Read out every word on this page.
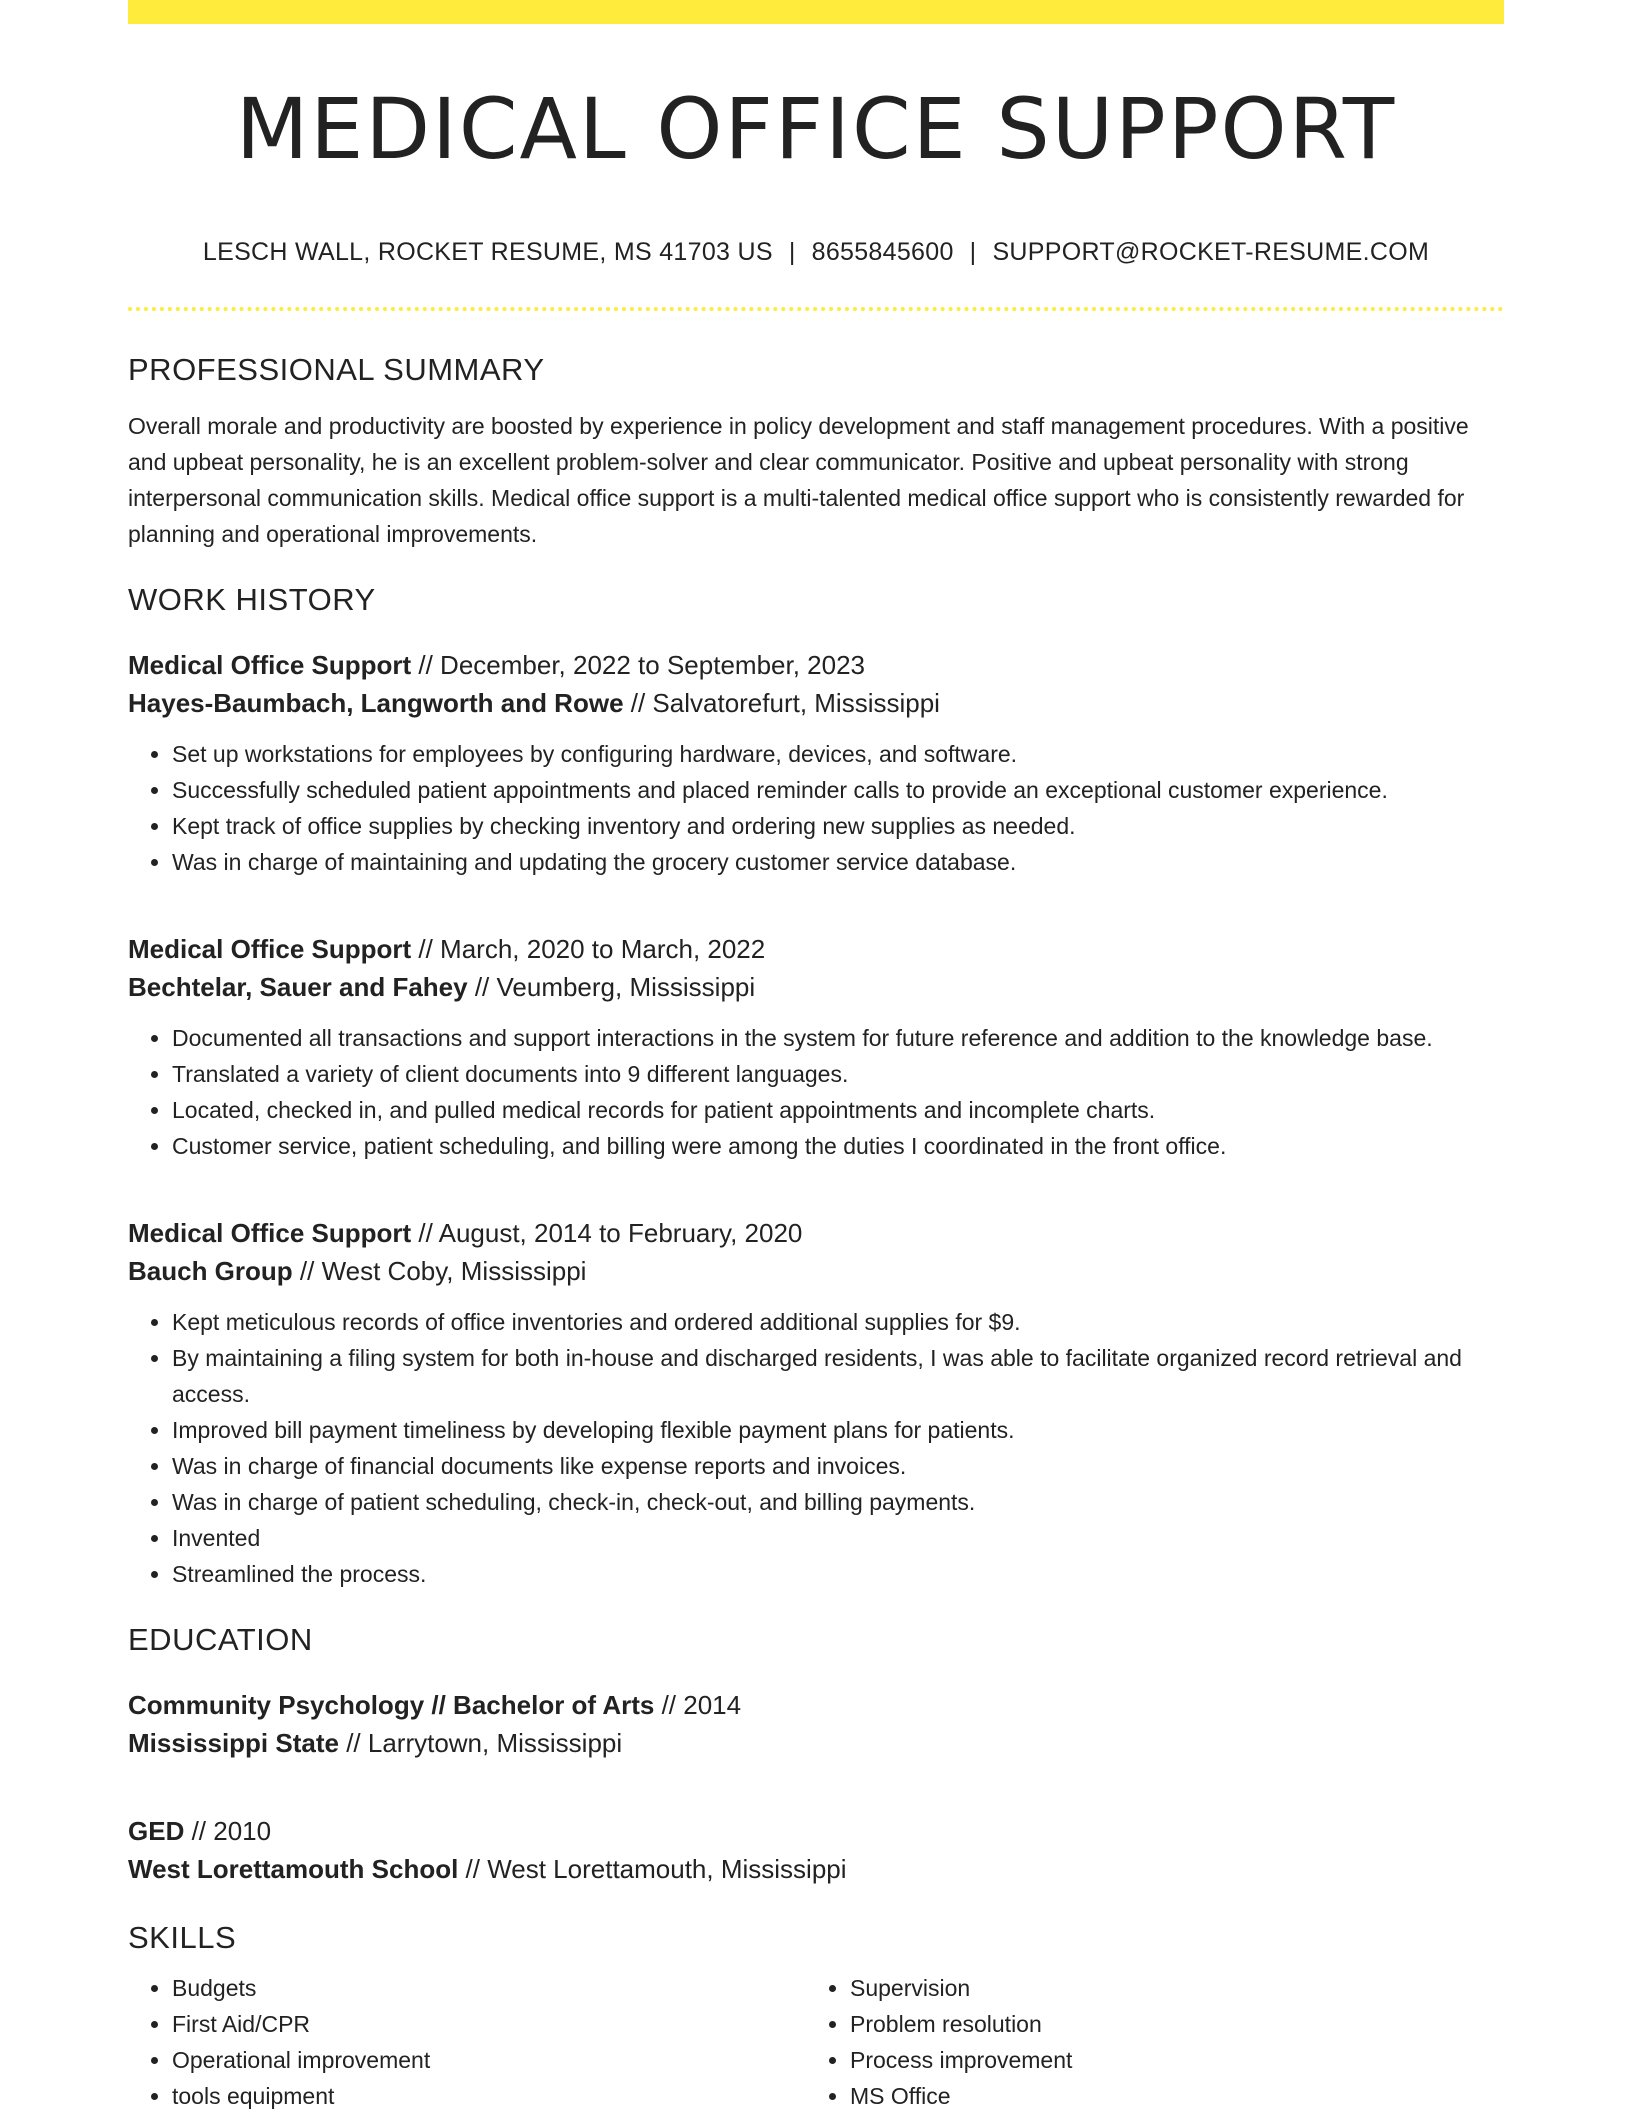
MEDICAL OFFICE SUPPORT
LESCH WALL, ROCKET RESUME, MS 41703 US | 8655845600 | SUPPORT@ROCKET-RESUME.COM
PROFESSIONAL SUMMARY

Overall morale and productivity are boosted by experience in policy development and staff management procedures. With a positive and upbeat personality, he is an excellent problem-solver and clear communicator. Positive and upbeat personality with strong interpersonal communication skills. Medical office support is a multi-talented medical office support who is consistently rewarded for planning and operational improvements.

WORK HISTORY
Medical Office Support // December, 2022 to September, 2023
Hayes-Baumbach, Langworth and Rowe // Salvatorefurt, Mississippi
• Set up workstations for employees by configuring hardware, devices, and software.
• Successfully scheduled patient appointments and placed reminder calls to provide an exceptional customer experience.
• Kept track of office supplies by checking inventory and ordering new supplies as needed.
• Was in charge of maintaining and updating the grocery customer service database.
Medical Office Support // March, 2020 to March, 2022
Bechtelar, Sauer and Fahey // Veumberg, Mississippi
• Documented all transactions and support interactions in the system for future reference and addition to the knowledge base.
• Translated a variety of client documents into 9 different languages.
• Located, checked in, and pulled medical records for patient appointments and incomplete charts.
• Customer service, patient scheduling, and billing were among the duties I coordinated in the front office.
Medical Office Support // August, 2014 to February, 2020
Bauch Group // West Coby, Mississippi
• Kept meticulous records of office inventories and ordered additional supplies for $9.
• By maintaining a filing system for both in-house and discharged residents, I was able to facilitate organized record retrieval and access.
• Improved bill payment timeliness by developing flexible payment plans for patients.
• Was in charge of financial documents like expense reports and invoices.
• Was in charge of patient scheduling, check-in, check-out, and billing payments.
• Invented
• Streamlined the process.
EDUCATION
Community Psychology // Bachelor of Arts // 2014
Mississippi State // Larrytown, Mississippi
GED // 2010
West Lorettamouth School // West Lorettamouth, Mississippi
SKILLS
• Budgets
• First Aid/CPR
• Operational improvement
• tools equipment
• Supervision
• Problem resolution
• Process improvement
• MS Office
